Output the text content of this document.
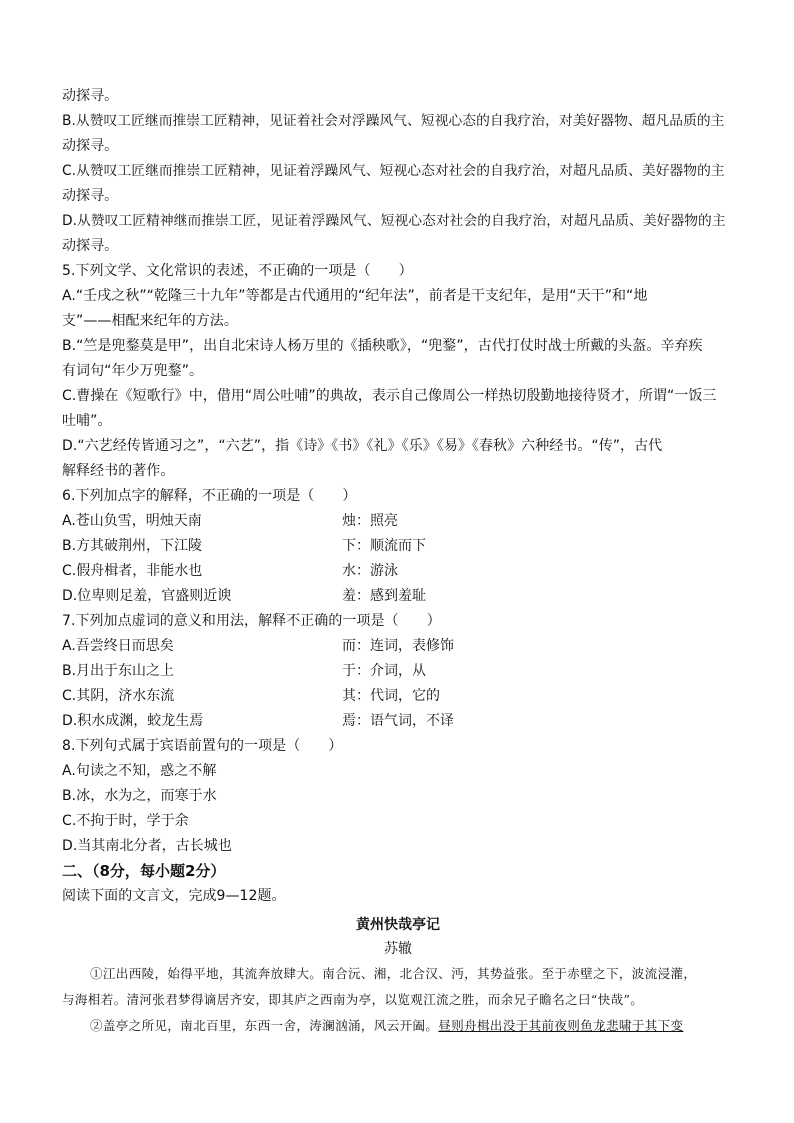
动探寻。
B.从赞叹工匠继而推崇工匠精神，见证着社会对浮躁风气、短视心态的自我疗治，对美好器物、超凡品质的主
动探寻。
C.从赞叹工匠继而推崇工匠精神，见证着浮躁风气、短视心态对社会的自我疗治，对超凡品质、美好器物的主
动探寻。
D.从赞叹工匠精神继而推崇工匠，见证着浮躁风气、短视心态对社会的自我疗治，对超凡品质、美好器物的主
动探寻。
5.下列文学、文化常识的表述，不正确的一项是（　　）
A.“壬戌之秋”“乾隆三十九年”等都是古代通用的“纪年法”，前者是干支纪年，是用“天干”和“地
支”——相配来纪年的方法。
B.“竺是兜鍪莫是甲”，出自北宋诗人杨万里的《插秧歌》，“兜鍪”，古代打仗时战士所戴的头盔。辛弃疾
有词句“年少万兜鍪”。
C.曹操在《短歌行》中，借用“周公吐哺”的典故，表示自己像周公一样热切殷勤地接待贤才，所谓“一饭三
吐哺”。
D.“六艺经传皆通习之”，“六艺”，指《诗》《书》《礼》《乐》《易》《春秋》六种经书。“传”，古代
解释经书的著作。
6.下列加点字的解释，不正确的一项是（　　）
A.苍山负雪，明烛天南	烛：照亮
B.方其破荆州，下江陵	下：顺流而下
C.假舟楫者，非能水也	水：游泳
D.位卑则足羞，官盛则近谀	羞：感到羞耻
7.下列加点虚词的意义和用法，解释不正确的一项是（　　）
A.吾尝终日而思矣	而：连词，表修饰
B.月出于东山之上	于：介词，从
C.其阴，济水东流	其：代词，它的
D.积水成渊，蛟龙生焉	焉：语气词，不译
8.下列句式属于宾语前置句的一项是（　　）
A.句读之不知，惑之不解
B.冰，水为之，而寒于水
C.不拘于时，学于余
D.当其南北分者，古长城也
二、（8分，每小题2分）
阅读下面的文言文，完成9—12题。
黄州快哉亭记
苏辙
①江出西陵，始得平地，其流奔放肆大。南合沅、湘，北合汉、沔，其势益张。至于赤壁之下，波流浸灌，
与海相若。清河张君梦得谪居齐安，即其庐之西南为亭，以览观江流之胜，而余兄子瞻名之曰“快哉”。
②盖亭之所见，南北百里，东西一舍，涛澜汹涌，风云开阖。昼则舟楫出没于其前夜则鱼龙悲啸于其下变
